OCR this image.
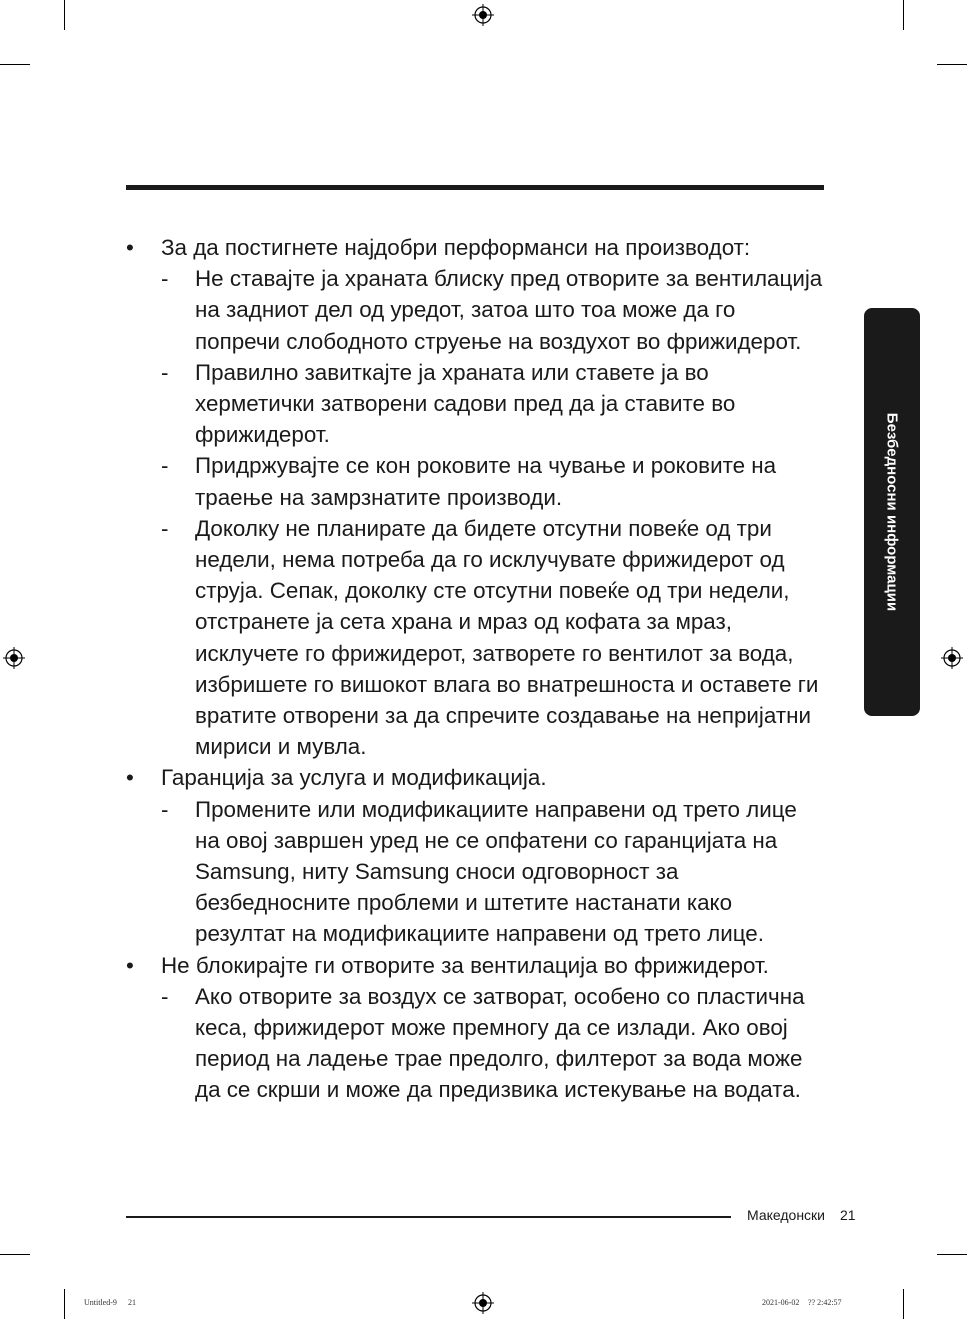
• За да постигнете најдобри перформанси на производот:
- Не ставајте ја храната блиску пред отворите за вентилација на задниот дел од уредот, затоа што тоа може да го попречи слободното струење на воздухот во фрижидерот.
- Правилно завиткајте ја храната или ставете ја во херметички затворени садови пред да ја ставите во фрижидерот.
- Придржувајте се кон роковите на чување и роковите на траење на замрзнатите производи.
- Доколку не планирате да бидете отсутни повеќе од три недели, нема потреба да го исклучувате фрижидерот од струја. Сепак, доколку сте отсутни повеќе од три недели, отстранете ја сета храна и мраз од кофата за мраз, исклучете го фрижидерот, затворете го вентилот за вода, избришете го вишокот влага во внатрешноста и оставете ги вратите отворени за да спречите создавање на непријатни мириси и мувла.
• Гаранција за услуга и модификација.
- Промените или модификациите направени од трето лице на овој завршен уред не се опфатени со гаранцијата на Samsung, ниту Samsung сноси одговорност за безбедносните проблеми и штетите настанати како резултат на модификациите направени од трето лице.
• Не блокирајте ги отворите за вентилација во фрижидерот.
- Ако отворите за воздух се затворат, особено со пластична кеса, фрижидерот може премногу да се излади. Ако овој период на ладење трае предолго, филтерот за вода може да се скрши и може да предизвика истекување на водата.
Безбедносни информации
Македонски 21
Untitled-9 21	2021-06-02 ?? 2:42:57
